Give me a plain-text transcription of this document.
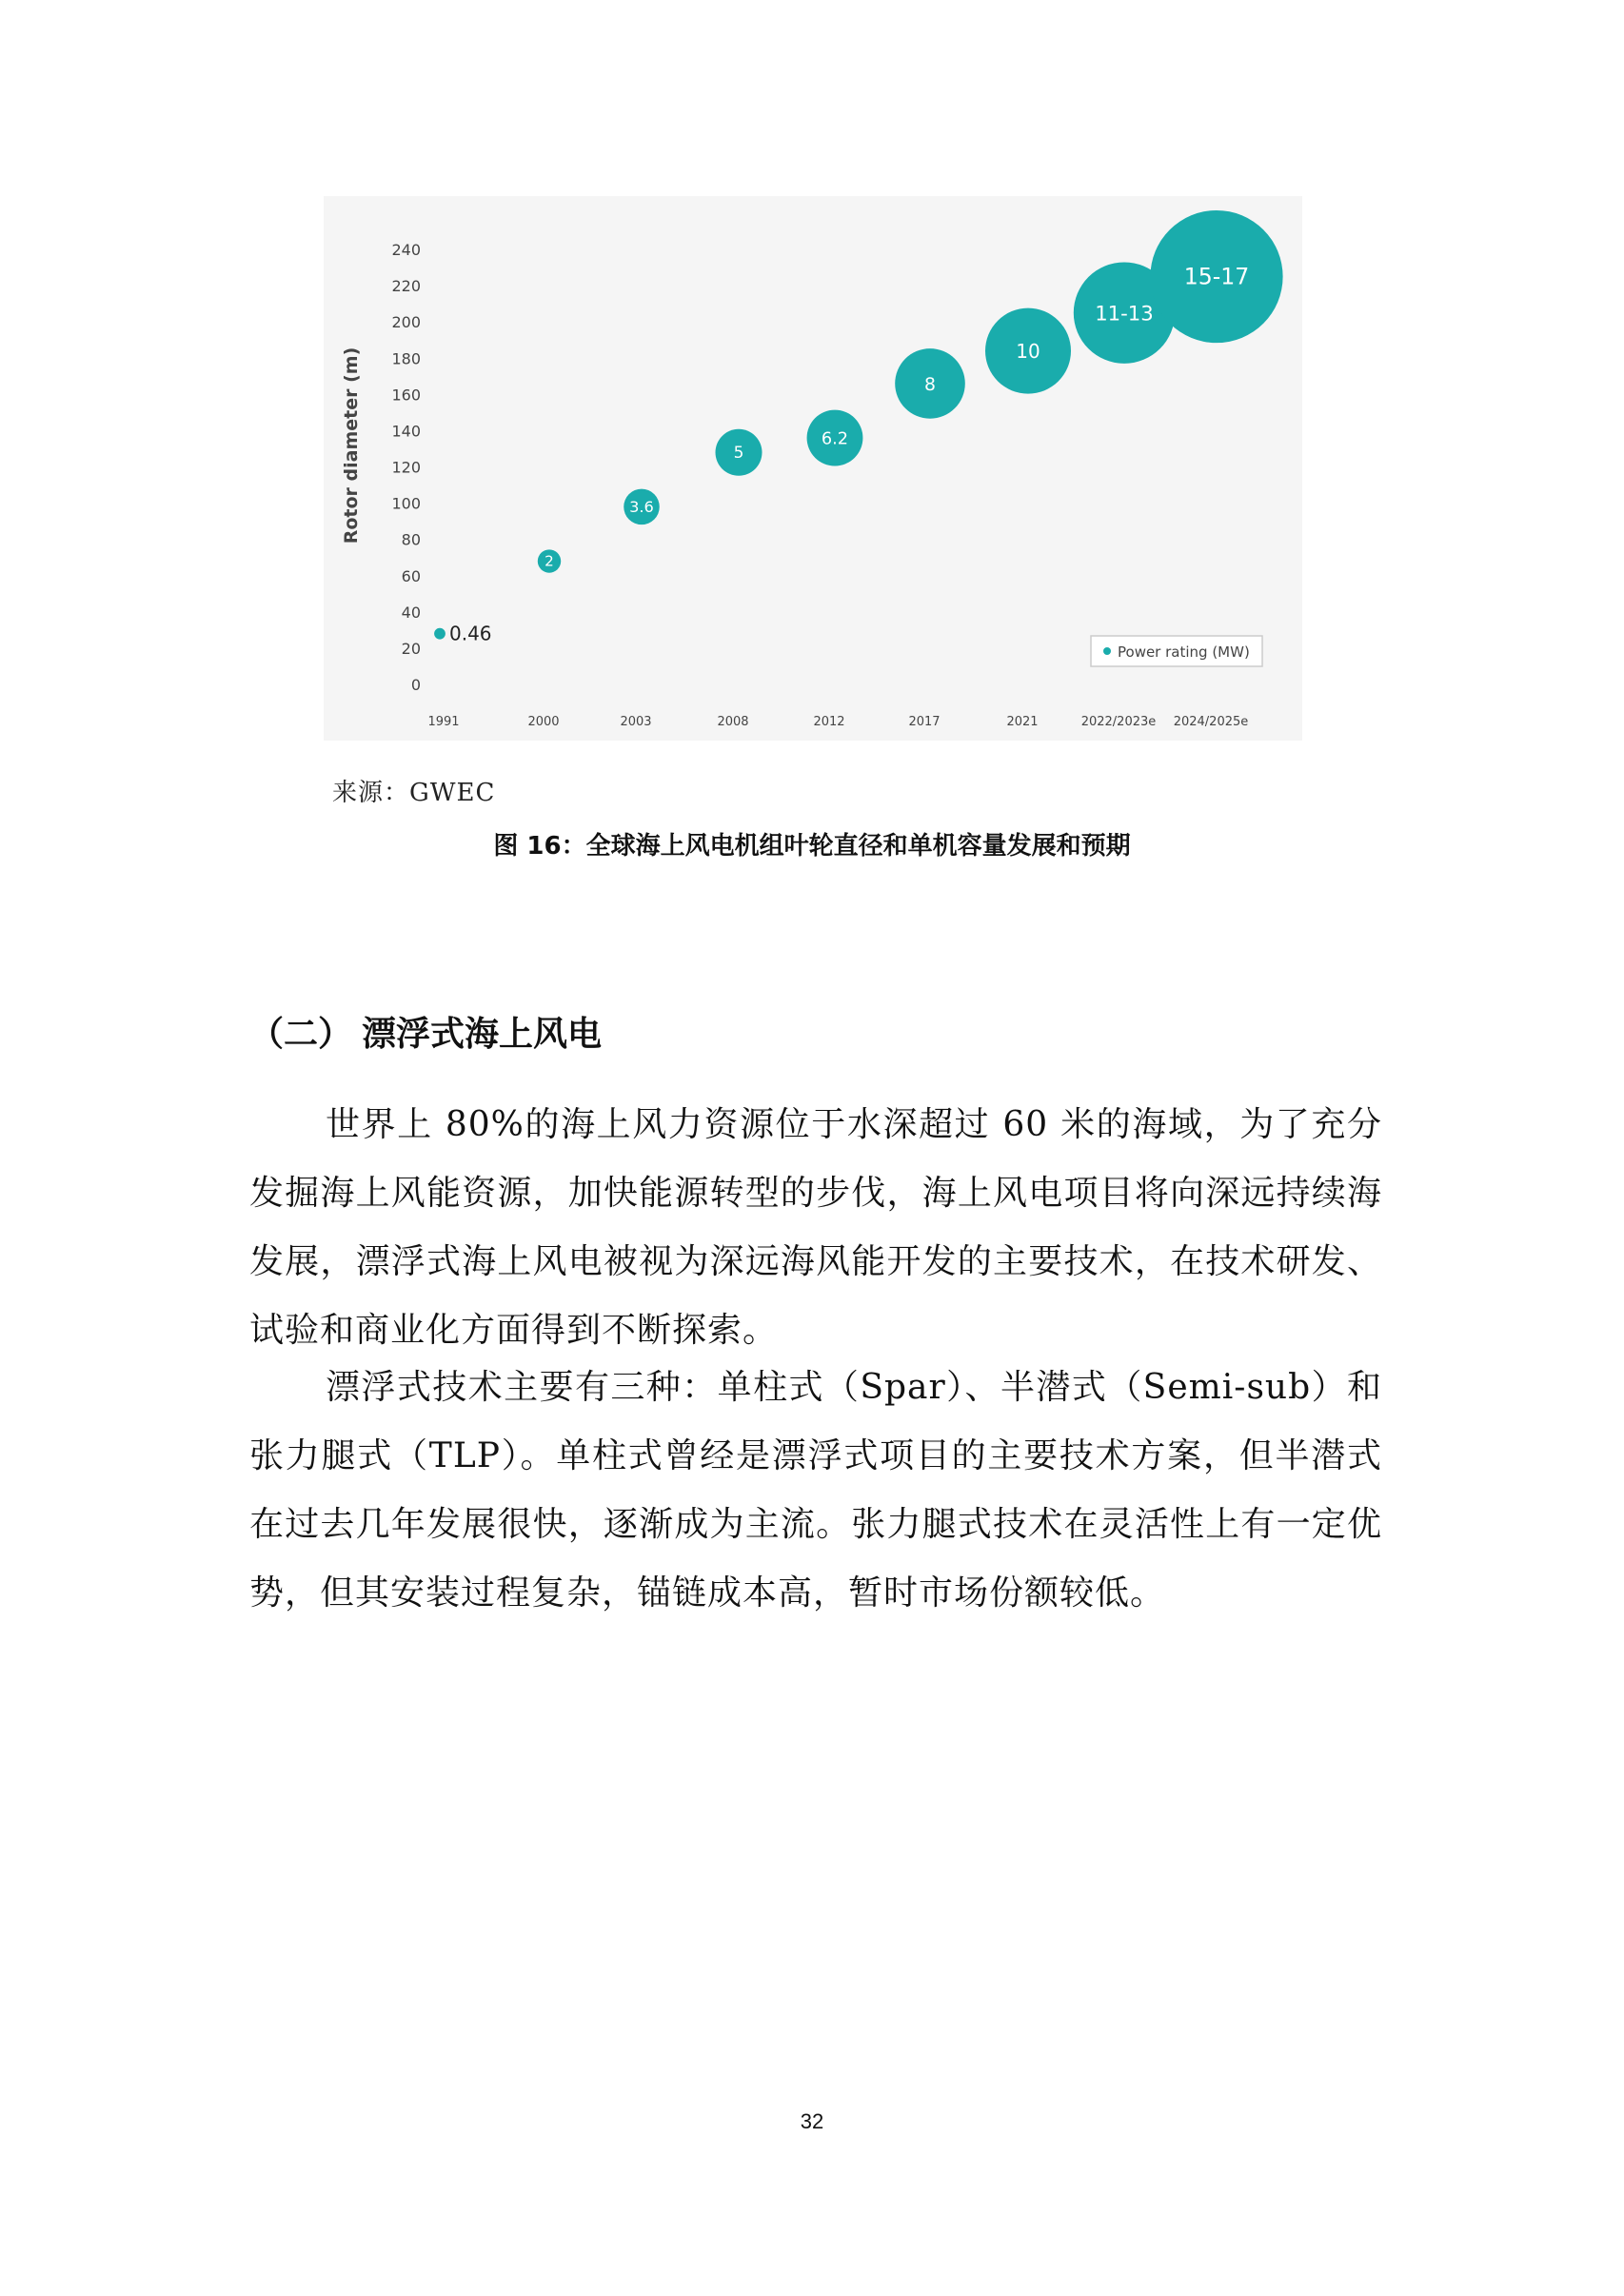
0
20
40
60
80
100
120
140
160
180
200
220
240
1991	2000	2003	2008	2012	2017	2021	2022/2023e 2024/2025e
0.46
2
3.6
5
6.2
8
10
11-13
15-17
Rotor diameter (m)
Power rating (MW)
来源：GWEC
图 16：全球海上风电机组叶轮直径和单机容量发展和预期
（二） 漂浮式海上风电

世界上 80%的海上风力资源位于水深超过 60 米的海域，为了充分发掘海上风能资源，加快能源转型的步伐，海上风电项目将向深远持续海发展，漂浮式海上风电被视为深远海风能开发的主要技术，在技术研发、试验和商业化方面得到不断探索。

漂浮式技术主要有三种：单柱式（Spar）、半潜式（Semi-sub）和张力腿式（TLP）。单柱式曾经是漂浮式项目的主要技术方案，但半潜式在过去几年发展很快，逐渐成为主流。张力腿式技术在灵活性上有一定优势，但其安装过程复杂，锚链成本高，暂时市场份额较低。

32
